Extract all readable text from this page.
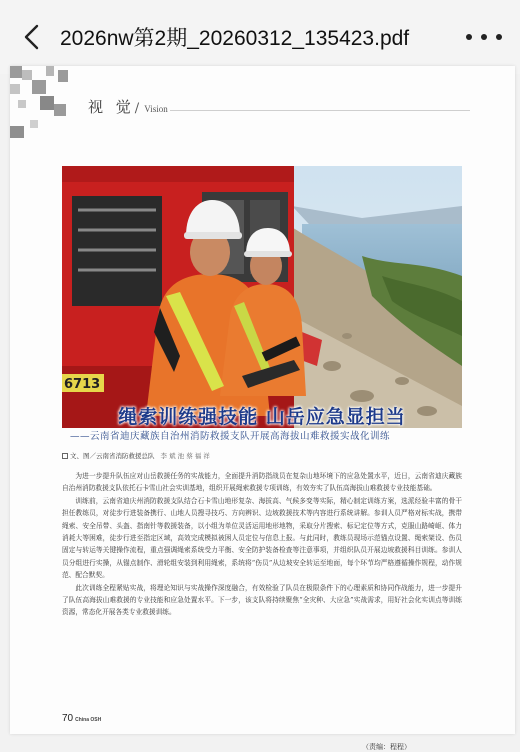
2026nw第2期_20260312_135423.pdf
视 觉/ Vision
6713
绳索训练强技能 山岳应急显担当
——云南省迪庆藏族自治州消防救援支队开展高海拔山难救援实战化训练
文、图／云南省消防救援总队 李 斌 池 蔡 福 祥

为进一步提升队伍应对山岳救援任务的实战能力，全面提升消防指战员在复杂山地环境下的应急处置水平，近日，云南省迪庆藏族自治州消防救援支队依托石卡雪山社会实训基地，组织开展绳索救援专项训练，有效夯实了队伍高海拔山难救援专业技能基础。

训练前，云南省迪庆州消防救援支队结合石卡雪山地形复杂、海拔高、气候多变等实际，精心制定训练方案，选派经验丰富的骨干担任教练员，对徒步行进装备携行、山地人员搜寻技巧、方向辨识、边坡救援技术等内容进行系统讲解。参训人员严格对标实战，携带绳索、安全吊带、头盔、指南针等救援装备，以小组为单位灵活运用地形地物，采取分片搜索、标记定位等方式，克服山路崎岖、体力消耗大等困难，徒步行进至指定区域，高效完成模拟被困人员定位与信息上报。与此同时，教练员现场示范锚点设置、绳索架设、伤员固定与转运等关键操作流程，重点强调绳索系统受力平衡、安全防护装备检查等注意事项，并组织队员开展边坡救援科目训练。参训人员分组进行实操，从锚点制作、滑轮组安装到利用绳索，系统将“伤员”从边坡安全转运至地面，每个环节均严格遵循操作规程，动作规范、配合默契。

此次训练全程紧贴实战，将理论知识与实战操作深度融合，有效检验了队员在极限条件下的心理素质和协同作战能力，进一步提升了队伍高海拔山难救援的专业技能和应急处置水平。下一步，该支队将持续聚焦“全灾种、大应急”实战需求，用好社会化实训点等训练资源，常态化开展各类专业救援训练。

（责编：程程）
70 China OSH
